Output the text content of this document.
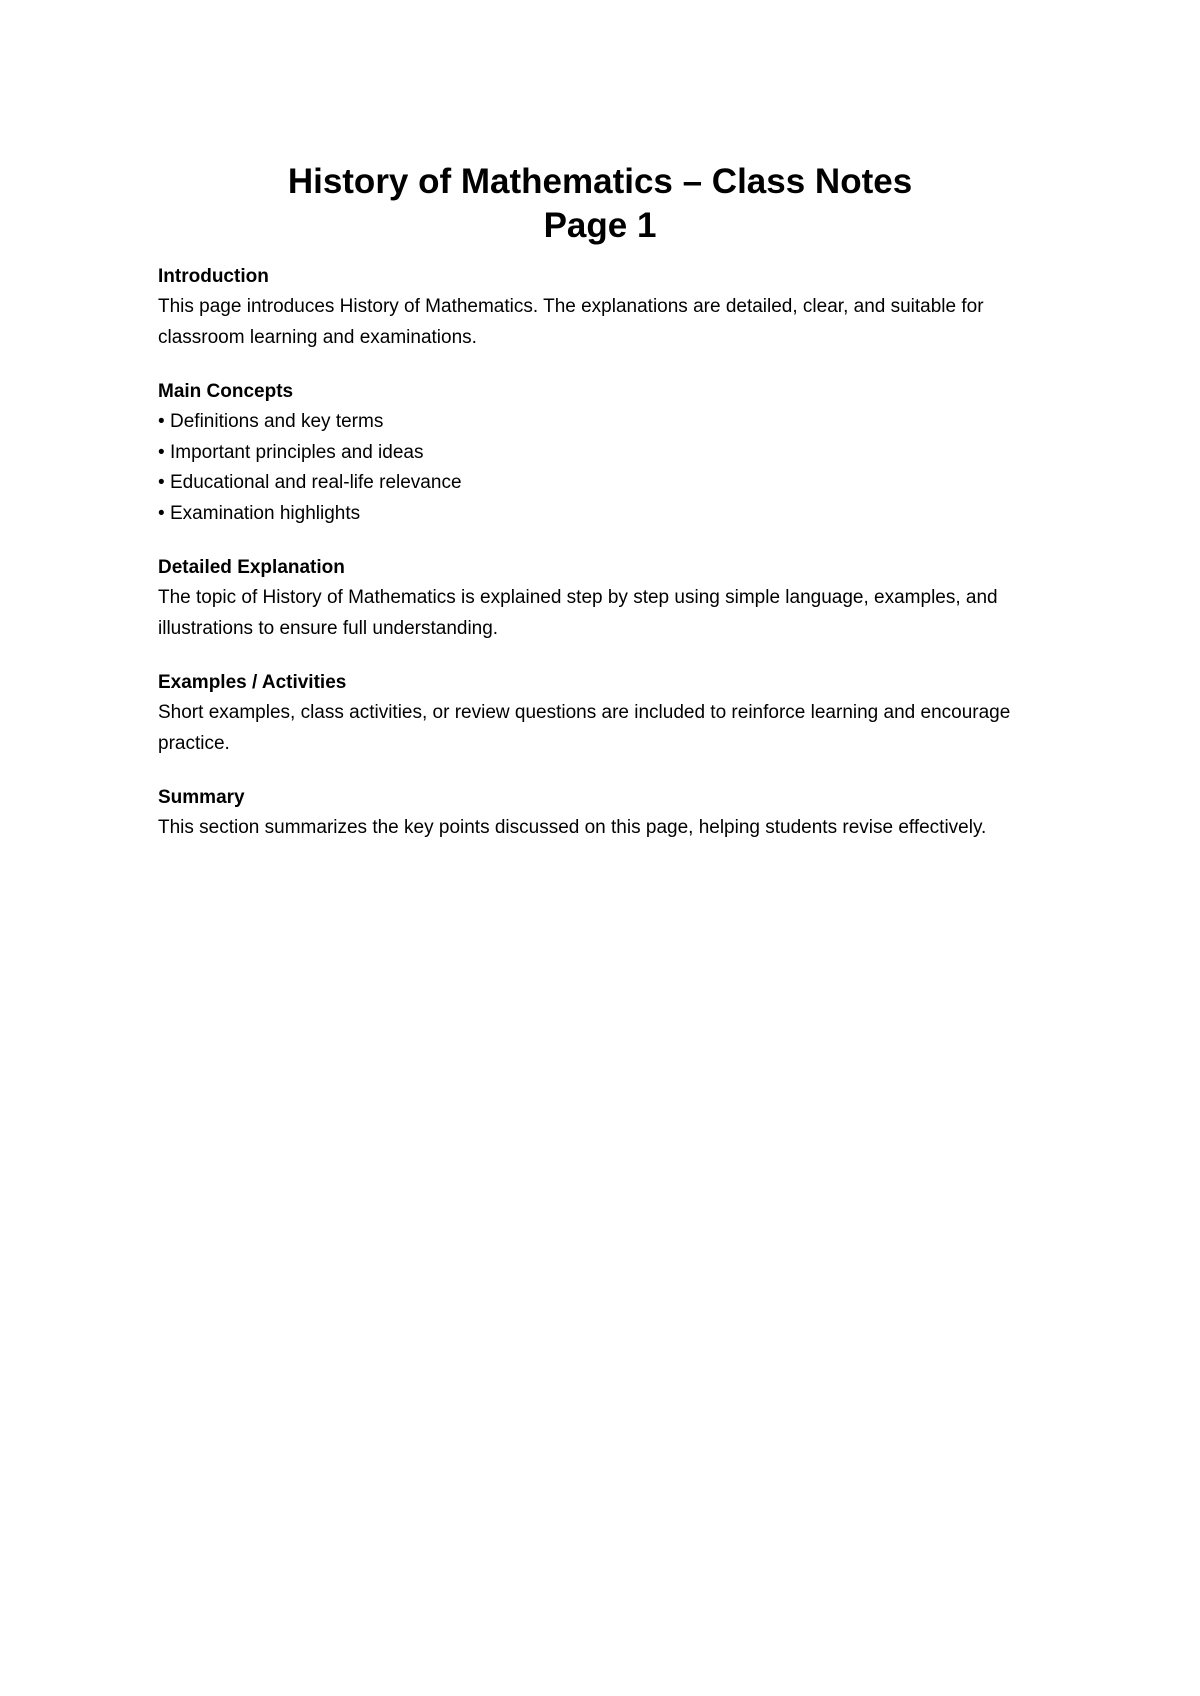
History of Mathematics – Class Notes
Page 1

Introduction

This page introduces History of Mathematics. The explanations are detailed, clear, and suitable for classroom learning and examinations.

Main Concepts

• Definitions and key terms
• Important principles and ideas
• Educational and real-life relevance
• Examination highlights

Detailed Explanation

The topic of History of Mathematics is explained step by step using simple language, examples, and illustrations to ensure full understanding.

Examples / Activities

Short examples, class activities, or review questions are included to reinforce learning and encourage practice.

Summary

This section summarizes the key points discussed on this page, helping students revise effectively.
